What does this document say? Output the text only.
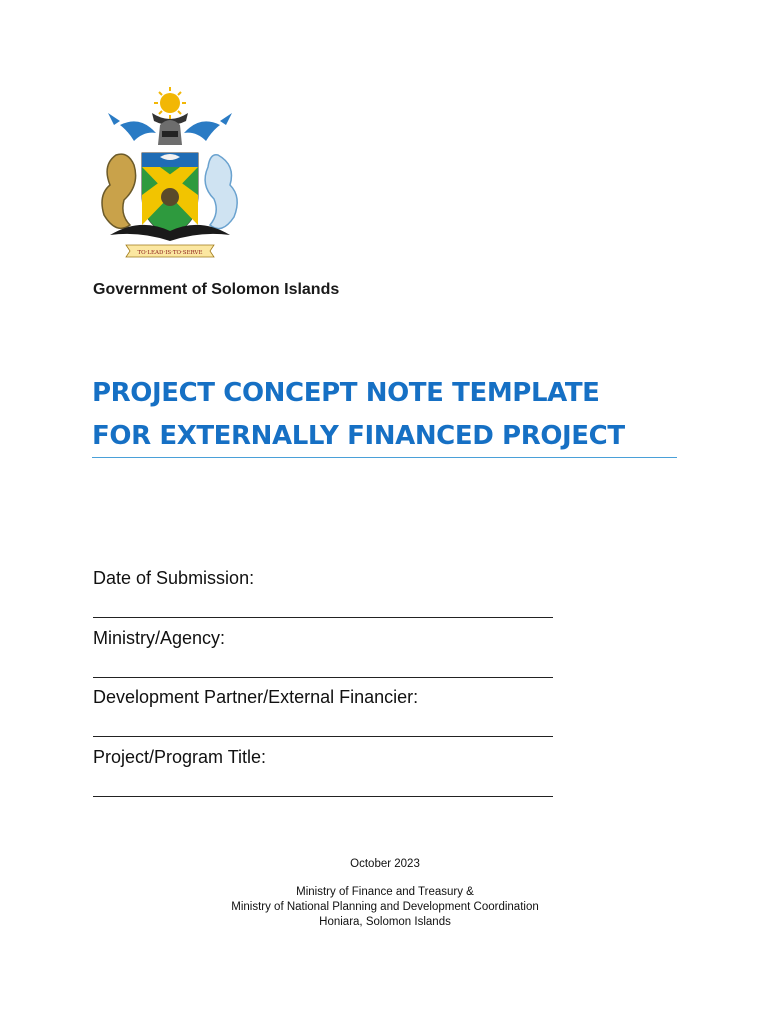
TO·LEAD·IS·TO·SERVE
Government of Solomon Islands
PROJECT CONCEPT NOTE TEMPLATE
FOR EXTERNALLY FINANCED PROJECT
Date of Submission:
Ministry/Agency:
Development Partner/External Financier:
Project/Program Title:
October 2023
Ministry of Finance and Treasury &
Ministry of National Planning and Development Coordination
Honiara, Solomon Islands
